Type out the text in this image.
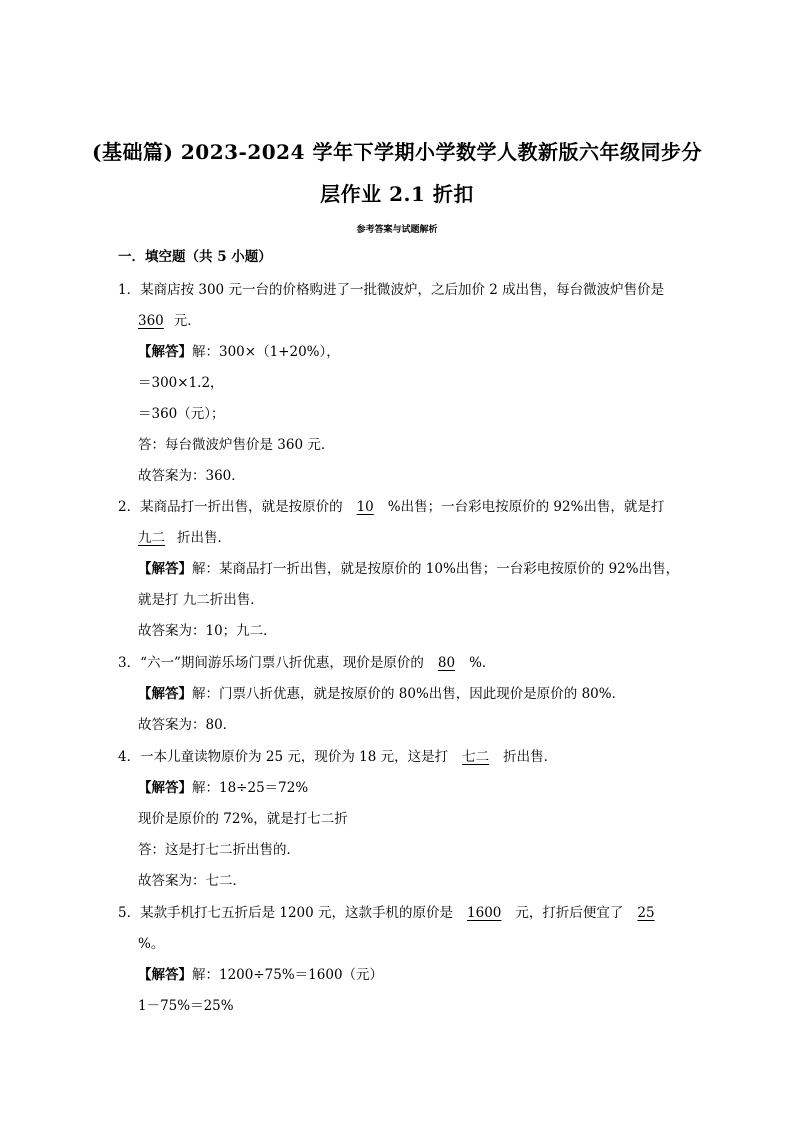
(基础篇) 2023-2024 学年下学期小学数学人教新版六年级同步分
层作业 2.1 折扣
参考答案与试题解析
一．填空题（共 5 小题）
1．某商店按 300 元一台的价格购进了一批微波炉，之后加价 2 成出售，每台微波炉售价是
360 元．
【解答】解：300×（1+20%），
＝300×1.2，
＝360（元）；
答：每台微波炉售价是 360 元．
故答案为：360．
2．某商品打一折出售，就是按原价的 10 %出售；一台彩电按原价的 92%出售，就是打
九二 折出售．
【解答】解：某商品打一折出售，就是按原价的 10%出售；一台彩电按原价的 92%出售，
就是打 九二折出售．
故答案为：10；九二．
3．“六一”期间游乐场门票八折优惠，现价是原价的 80 %．
【解答】解：门票八折优惠，就是按原价的 80%出售，因此现价是原价的 80%．
故答案为：80．
4．一本儿童读物原价为 25 元，现价为 18 元，这是打 七二 折出售．
【解答】解：18÷25＝72%
现价是原价的 72%，就是打七二折
答：这是打七二折出售的．
故答案为：七二．
5．某款手机打七五折后是 1200 元，这款手机的原价是 1600 元，打折后便宜了 25
%。
【解答】解：1200÷75%＝1600（元）
1－75%＝25%
